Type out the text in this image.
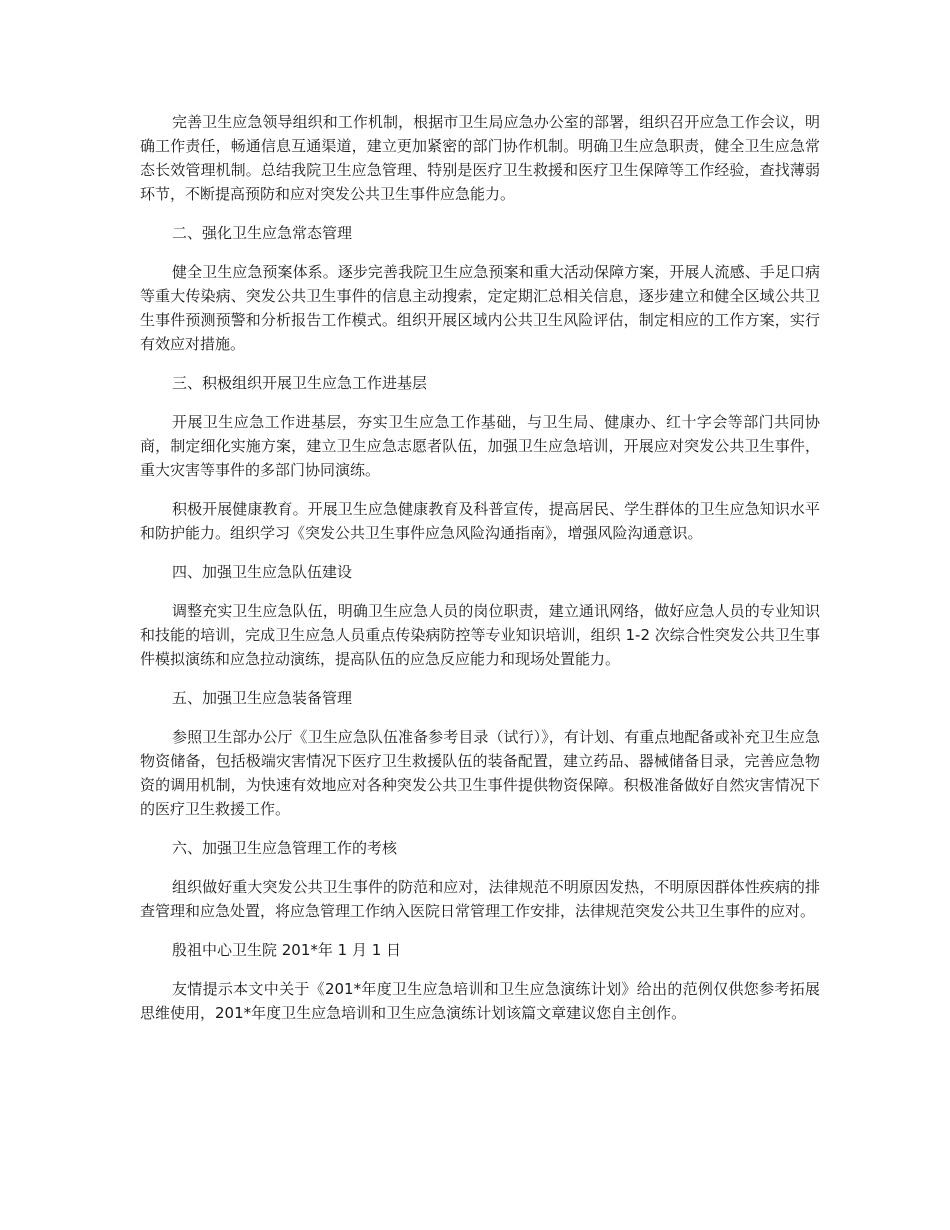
完善卫生应急领导组织和工作机制，根据市卫生局应急办公室的部署，组织召开应急工作会议，明确工作责任，畅通信息互通渠道，建立更加紧密的部门协作机制。明确卫生应急职责，健全卫生应急常态长效管理机制。总结我院卫生应急管理、特别是医疗卫生救援和医疗卫生保障等工作经验，查找薄弱环节，不断提高预防和应对突发公共卫生事件应急能力。

二、强化卫生应急常态管理

健全卫生应急预案体系。逐步完善我院卫生应急预案和重大活动保障方案，开展人流感、手足口病等重大传染病、突发公共卫生事件的信息主动搜索，定定期汇总相关信息，逐步建立和健全区域公共卫生事件预测预警和分析报告工作模式。组织开展区域内公共卫生风险评估，制定相应的工作方案，实行有效应对措施。

三、积极组织开展卫生应急工作进基层

开展卫生应急工作进基层，夯实卫生应急工作基础，与卫生局、健康办、红十字会等部门共同协商，制定细化实施方案，建立卫生应急志愿者队伍，加强卫生应急培训，开展应对突发公共卫生事件，重大灾害等事件的多部门协同演练。

积极开展健康教育。开展卫生应急健康教育及科普宣传，提高居民、学生群体的卫生应急知识水平和防护能力。组织学习《突发公共卫生事件应急风险沟通指南》，增强风险沟通意识。

四、加强卫生应急队伍建设

调整充实卫生应急队伍，明确卫生应急人员的岗位职责，建立通讯网络，做好应急人员的专业知识和技能的培训，完成卫生应急人员重点传染病防控等专业知识培训，组织 1-2 次综合性突发公共卫生事件模拟演练和应急拉动演练，提高队伍的应急反应能力和现场处置能力。

五、加强卫生应急装备管理

参照卫生部办公厅《卫生应急队伍准备参考目录（试行）》，有计划、有重点地配备或补充卫生应急物资储备，包括极端灾害情况下医疗卫生救援队伍的装备配置，建立药品、器械储备目录，完善应急物资的调用机制，为快速有效地应对各种突发公共卫生事件提供物资保障。积极准备做好自然灾害情况下的医疗卫生救援工作。

六、加强卫生应急管理工作的考核

组织做好重大突发公共卫生事件的防范和应对，法律规范不明原因发热，不明原因群体性疾病的排查管理和应急处置，将应急管理工作纳入医院日常管理工作安排，法律规范突发公共卫生事件的应对。

殷祖中心卫生院 201*年 1 月 1 日

友情提示本文中关于《201*年度卫生应急培训和卫生应急演练计划》给出的范例仅供您参考拓展思维使用，201*年度卫生应急培训和卫生应急演练计划该篇文章建议您自主创作。
